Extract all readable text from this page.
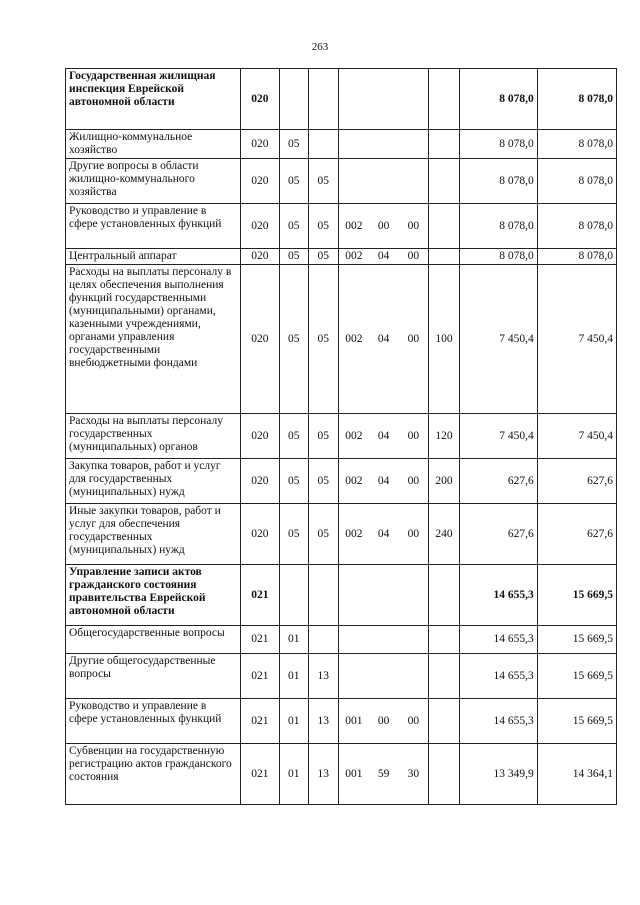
263
Государственная жилищная инспекция Еврейской автономной области	020					8 078,0	8 078,0
Жилищно-коммунальное хозяйство	020	05				8 078,0	8 078,0
Другие вопросы в области жилищно-коммунального хозяйства	020	05	05			8 078,0	8 078,0
Руководство и управление в сфере установленных функций	020	05	05	002 00 00		8 078,0	8 078,0
Центральный аппарат	020	05	05	002 04 00		8 078,0	8 078,0
Расходы на выплаты персоналу в целях обеспечения выполнения функций государственными (муниципальными) органами, казенными учреждениями, органами управления государственными внебюджетными фондами	020	05	05	002 04 00	100	7 450,4	7 450,4
Расходы на выплаты персоналу государственных (муниципальных) органов	020	05	05	002 04 00	120	7 450,4	7 450,4
Закупка товаров, работ и услуг для государственных (муниципальных) нужд	020	05	05	002 04 00	200	627,6	627,6
Иные закупки товаров, работ и услуг для обеспечения государственных (муниципальных) нужд	020	05	05	002 04 00	240	627,6	627,6
Управление записи актов гражданского состояния правительства Еврейской автономной области	021					14 655,3	15 669,5
Общегосударственные вопросы	021	01				14 655,3	15 669,5
Другие общегосударственные вопросы	021	01	13			14 655,3	15 669,5
Руководство и управление в сфере установленных функций	021	01	13	001 00 00		14 655,3	15 669,5
Субвенции на государственную регистрацию актов гражданского состояния	021	01	13	001 59 30		13 349,9	14 364,1
